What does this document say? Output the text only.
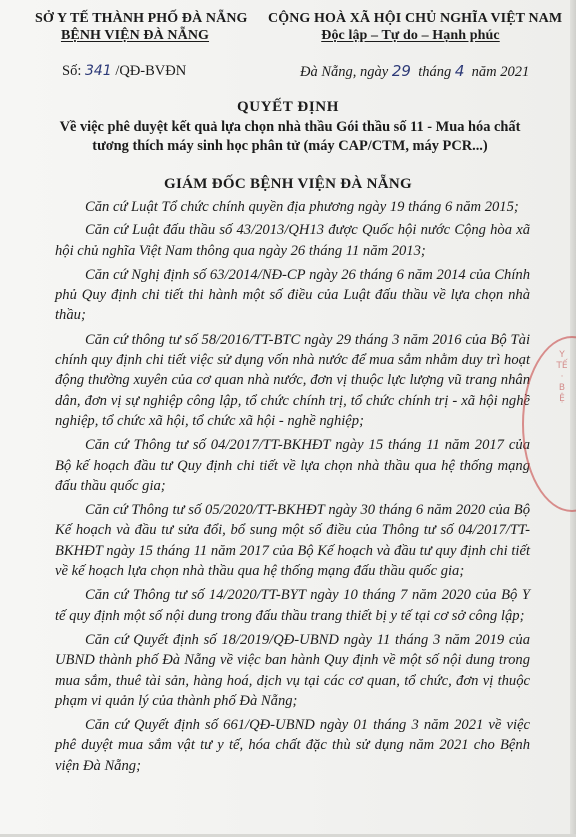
SỞ Y TẾ THÀNH PHỐ ĐÀ NẴNG
BỆNH VIỆN ĐÀ NẴNG
CỘNG HOÀ XÃ HỘI CHỦ NGHĨA VIỆT NAM
Độc lập – Tự do – Hạnh phúc
Số: 341 /QĐ-BVĐN	Đà Nẵng, ngày 29 tháng 4 năm 2021
QUYẾT ĐỊNH
Về việc phê duyệt kết quả lựa chọn nhà thầu Gói thầu số 11 - Mua hóa chất
tương thích máy sinh học phân tử (máy CAP/CTM, máy PCR...)
GIÁM ĐỐC BỆNH VIỆN ĐÀ NẴNG

Căn cứ Luật Tổ chức chính quyền địa phương ngày 19 tháng 6 năm 2015;

Căn cứ Luật đấu thầu số 43/2013/QH13 được Quốc hội nước Cộng hòa xã hội chủ nghĩa Việt Nam thông qua ngày 26 tháng 11 năm 2013;

Căn cứ Nghị định số 63/2014/NĐ-CP ngày 26 tháng 6 năm 2014 của Chính phủ Quy định chi tiết thi hành một số điều của Luật đấu thầu về lựa chọn nhà thầu;

Căn cứ thông tư số 58/2016/TT-BTC ngày 29 tháng 3 năm 2016 của Bộ Tài chính quy định chi tiết việc sử dụng vốn nhà nước để mua sắm nhằm duy trì hoạt động thường xuyên của cơ quan nhà nước, đơn vị thuộc lực lượng vũ trang nhân dân, đơn vị sự nghiệp công lập, tổ chức chính trị, tổ chức chính trị - xã hội nghề nghiệp, tổ chức xã hội, tổ chức xã hội - nghề nghiệp;

Căn cứ Thông tư số 04/2017/TT-BKHĐT ngày 15 tháng 11 năm 2017 của Bộ kế hoạch đầu tư Quy định chi tiết về lựa chọn nhà thầu qua hệ thống mạng đấu thầu quốc gia;

Căn cứ Thông tư số 05/2020/TT-BKHĐT ngày 30 tháng 6 năm 2020 của Bộ Kế hoạch và đầu tư sửa đổi, bổ sung một số điều của Thông tư số 04/2017/TT-BKHĐT ngày 15 tháng 11 năm 2017 của Bộ Kế hoạch và đầu tư quy định chi tiết về kế hoạch lựa chọn nhà thầu qua hệ thống mạng đấu thầu quốc gia;

Căn cứ Thông tư số 14/2020/TT-BYT ngày 10 tháng 7 năm 2020 của Bộ Y tế quy định một số nội dung trong đấu thầu trang thiết bị y tế tại cơ sở công lập;

Căn cứ Quyết định số 18/2019/QĐ-UBND ngày 11 tháng 3 năm 2019 của UBND thành phố Đà Nẵng về việc ban hành Quy định về một số nội dung trong mua sắm, thuê tài sản, hàng hoá, dịch vụ tại các cơ quan, tổ chức, đơn vị thuộc phạm vi quản lý của thành phố Đà Nẵng;

Căn cứ Quyết định số 661/QĐ-UBND ngày 01 tháng 3 năm 2021 về việc phê duyệt mua sắm vật tư y tế, hóa chất đặc thù sử dụng năm 2021 cho Bệnh viện Đà Nẵng;

Y
TẾ
·
B
Ệ
